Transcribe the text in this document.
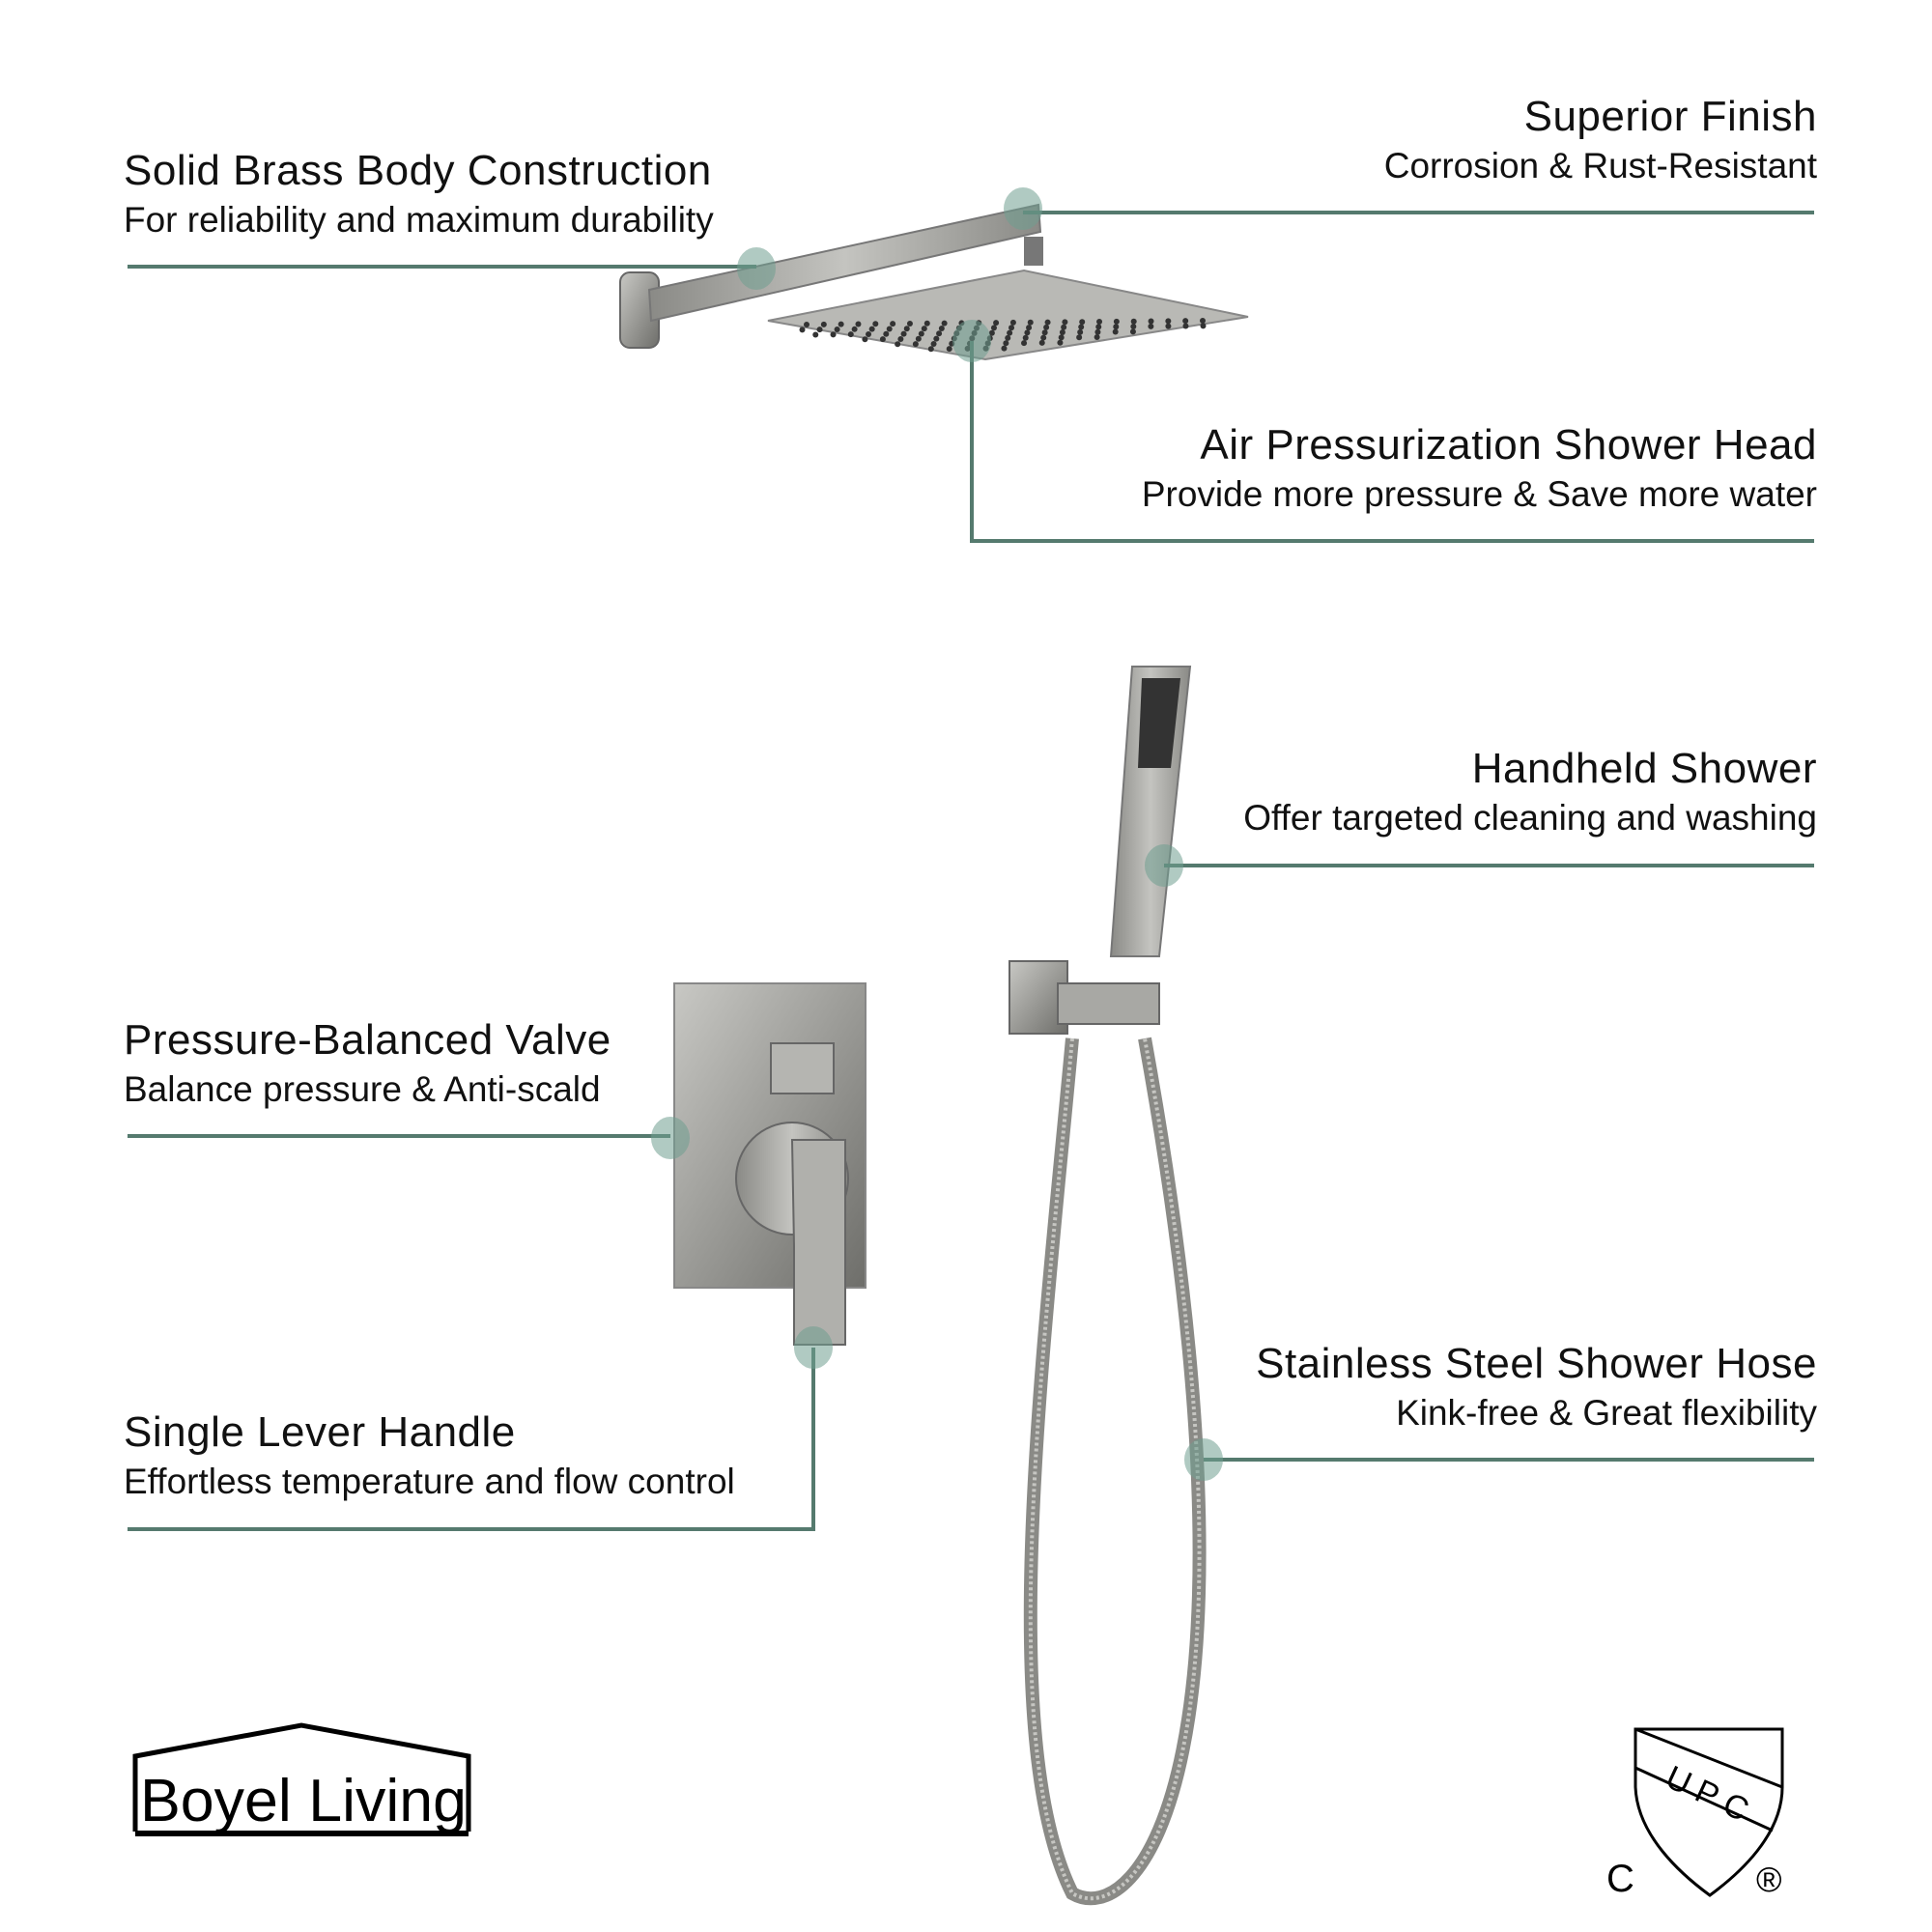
Boyel Living	UPC
C	®
Solid Brass Body Construction
For reliability and maximum durability
Superior Finish
Corrosion & Rust-Resistant
Air Pressurization Shower Head
Provide more pressure & Save more water
Handheld Shower
Offer targeted cleaning and washing
Pressure-Balanced Valve
Balance pressure & Anti-scald
Single Lever Handle
Effortless temperature and flow control
Stainless Steel Shower Hose
Kink-free & Great flexibility
